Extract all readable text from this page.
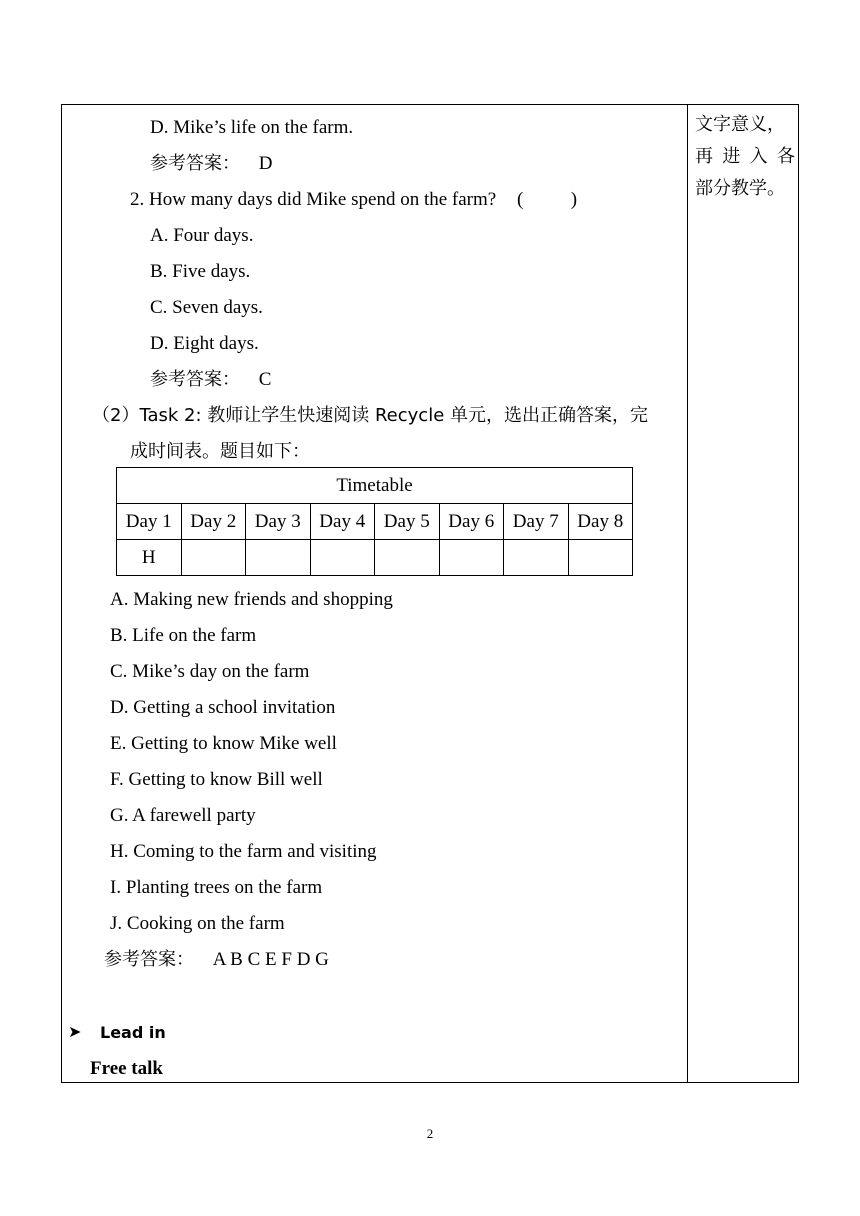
文字意义，
再 进 入 各
部分教学。
D. Mike’s life on the farm.
参考答案： D
2. How many days did Mike spend on the farm? (          )
A. Four days.
B. Five days.
C. Seven days.
D. Eight days.
参考答案： C
（2）Task 2: 教师让学生快速阅读 Recycle 单元，选出正确答案，完
成时间表。题目如下：
Timetable							
Day 1	Day 2	Day 3	Day 4	Day 5	Day 6	Day 7	Day 8
H							
A. Making new friends and shopping
B. Life on the farm
C. Mike’s day on the farm
D. Getting a school invitation
E. Getting to know Mike well
F. Getting to know Bill well
G. A farewell party
H. Coming to the farm and visiting
I. Planting trees on the farm
J. Cooking on the farm
参考答案： A B C E F D G
➤	Lead in
Free talk
2
